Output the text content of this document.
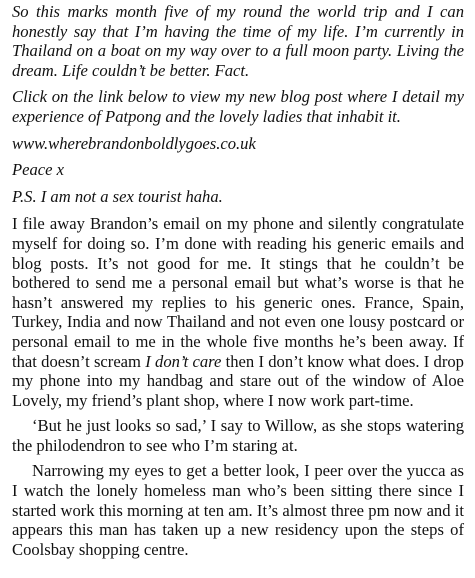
So this marks month five of my round the world trip and I can honestly say that I’m having the time of my life. I’m currently in Thailand on a boat on my way over to a full moon party. Living the dream. Life couldn’t be better. Fact.

Click on the link below to view my new blog post where I detail my experience of Patpong and the lovely ladies that inhabit it.

www.wherebrandonboldlygoes.co.uk

Peace x

P.S. I am not a sex tourist haha.

I file away Brandon’s email on my phone and silently congratulate myself for doing so. I’m done with reading his generic emails and blog posts. It’s not good for me. It stings that he couldn’t be bothered to send me a personal email but what’s worse is that he hasn’t answered my replies to his generic ones. France, Spain, Turkey, India and now Thailand and not even one lousy postcard or personal email to me in the whole five months he’s been away. If that doesn’t scream I don’t care then I don’t know what does. I drop my phone into my handbag and stare out of the window of Aloe Lovely, my friend’s plant shop, where I now work part-time.

‘But he just looks so sad,’ I say to Willow, as she stops watering the philodendron to see who I’m staring at.

Narrowing my eyes to get a better look, I peer over the yucca as I watch the lonely homeless man who’s been sitting there since I started work this morning at ten am. It’s almost three pm now and it appears this man has taken up a new residency upon the steps of Coolsbay shopping centre.
